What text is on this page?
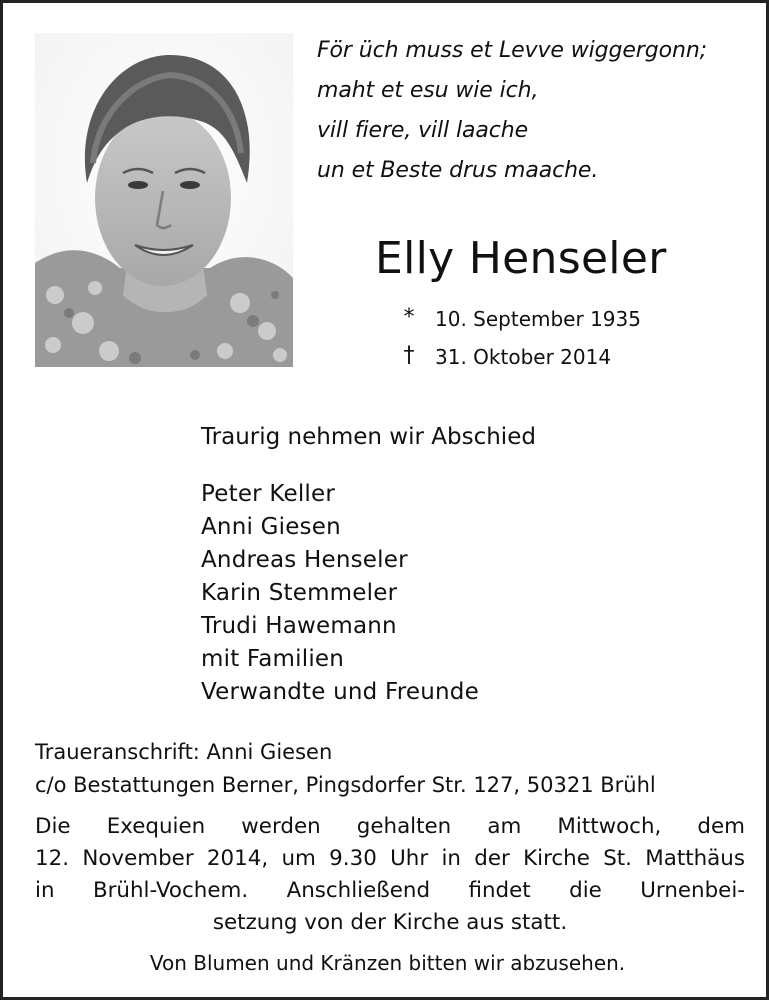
För üch muss et Levve wiggergonn;
maht et esu wie ich,
vill fiere, vill laache
un et Beste drus maache.
Elly Henseler
* 10. September 1935
† 31. Oktober 2014
Traurig nehmen wir Abschied
Peter Keller
Anni Giesen
Andreas Henseler
Karin Stemmeler
Trudi Hawemann
mit Familien
Verwandte und Freunde
Traueranschrift: Anni Giesen
c/o Bestattungen Berner, Pingsdorfer Str. 127, 50321 Brühl
Die Exequien werden gehalten am Mittwoch, dem
12. November 2014, um 9.30 Uhr in der Kirche St. Matthäus
in Brühl-Vochem. Anschließend findet die Urnenbei-
setzung von der Kirche aus statt.
Von Blumen und Kränzen bitten wir abzusehen.
